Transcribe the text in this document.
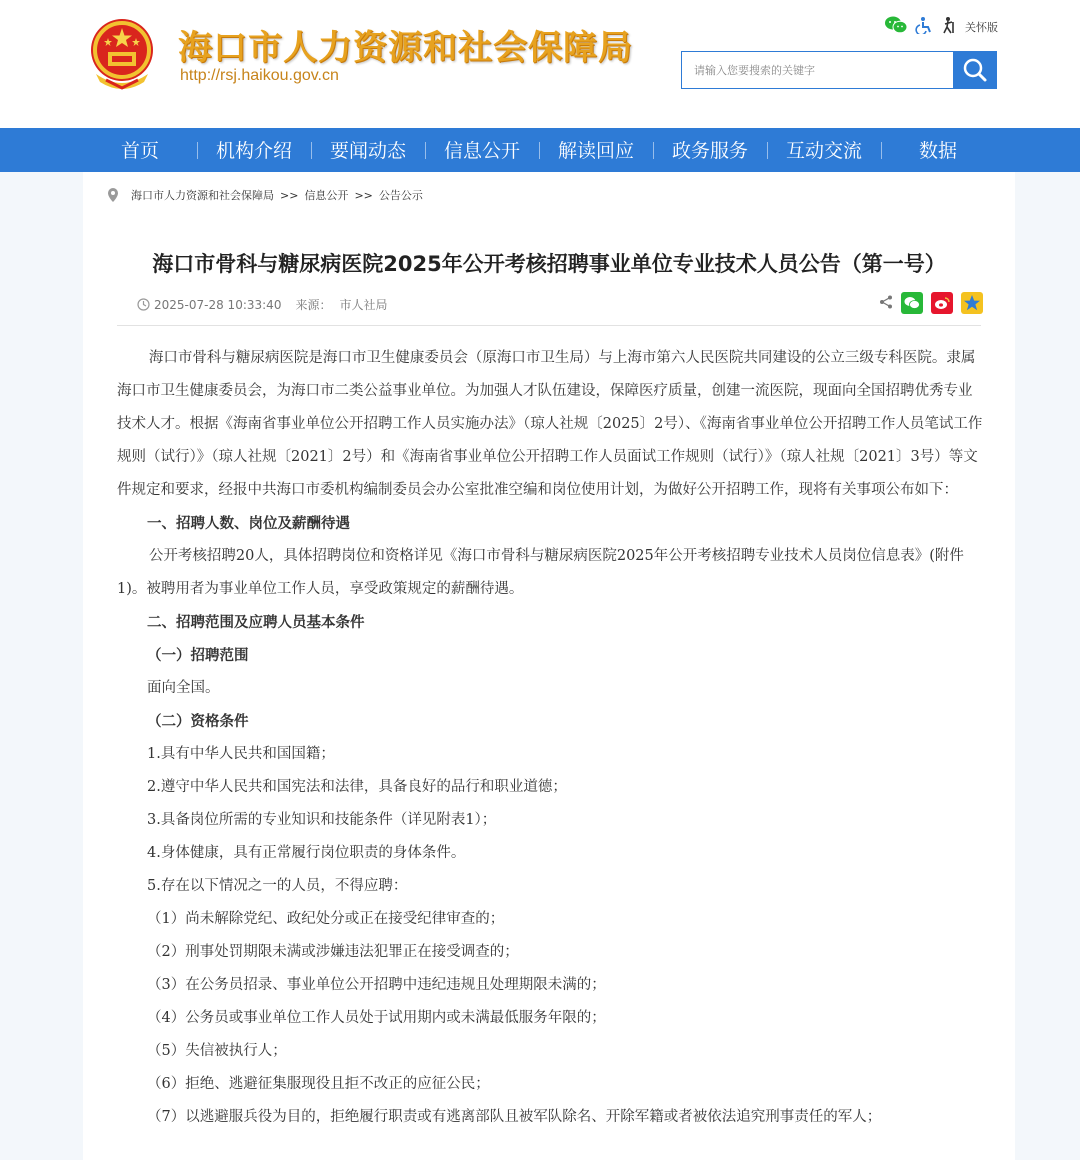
海口市人力资源和社会保障局
http://rsj.haikou.gov.cn
关怀版
请输入您要搜索的关键字
首页	机构介绍 要闻动态 信息公开 解读回应 政务服务 互动交流	数据
海口市人力资源和社会保障局 >> 信息公开 >> 公告公示
海口市骨科与糖尿病医院2025年公开考核招聘事业单位专业技术人员公告（第一号）
2025-07-28 10:33:40 来源： 市人社局

海口市骨科与糖尿病医院是海口市卫生健康委员会（原海口市卫生局）与上海市第六人民医院共同建设的公立三级专科医院。隶属海口市卫生健康委员会，为海口市二类公益事业单位。为加强人才队伍建设，保障医疗质量，创建一流医院，现面向全国招聘优秀专业技术人才。根据《海南省事业单位公开招聘工作人员实施办法》（琼人社规〔2025〕2号）、《海南省事业单位公开招聘工作人员笔试工作规则（试行）》（琼人社规〔2021〕2号）和《海南省事业单位公开招聘工作人员面试工作规则（试行）》（琼人社规〔2021〕3号）等文件规定和要求，经报中共海口市委机构编制委员会办公室批准空编和岗位使用计划，为做好公开招聘工作，现将有关事项公布如下：

一、招聘人数、岗位及薪酬待遇

公开考核招聘20人，具体招聘岗位和资格详见《海口市骨科与糖尿病医院2025年公开考核招聘专业技术人员岗位信息表》(附件1)。被聘用者为事业单位工作人员，享受政策规定的薪酬待遇。

二、招聘范围及应聘人员基本条件

（一）招聘范围

面向全国。

（二）资格条件

1.具有中华人民共和国国籍；

2.遵守中华人民共和国宪法和法律，具备良好的品行和职业道德；

3.具备岗位所需的专业知识和技能条件（详见附表1）；

4.身体健康，具有正常履行岗位职责的身体条件。

5.存在以下情况之一的人员，不得应聘：

（1）尚未解除党纪、政纪处分或正在接受纪律审查的；

（2）刑事处罚期限未满或涉嫌违法犯罪正在接受调查的；

（3）在公务员招录、事业单位公开招聘中违纪违规且处理期限未满的；

（4）公务员或事业单位工作人员处于试用期内或未满最低服务年限的；

（5）失信被执行人；

（6）拒绝、逃避征集服现役且拒不改正的应征公民；

（7）以逃避服兵役为目的，拒绝履行职责或有逃离部队且被军队除名、开除军籍或者被依法追究刑事责任的军人；
